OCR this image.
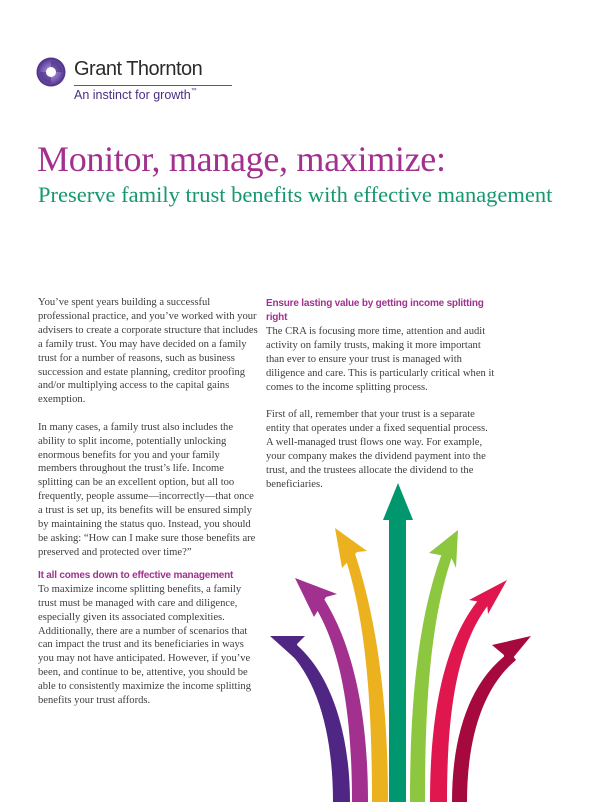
Grant Thornton
An instinct for growth™
Monitor, manage, maximize:
Preserve family trust benefits with effective management

You’ve spent years building a successful professional practice, and you’ve worked with your advisers to create a corporate structure that includes a family trust. You may have decided on a family trust for a number of reasons, such as business succession and estate planning, creditor proofing and/or multiplying access to the capital gains exemption.

In many cases, a family trust also includes the ability to split income, potentially unlocking enormous benefits for you and your family members throughout the trust’s life. Income splitting can be an excellent option, but all too frequently, people assume—incorrectly—that once a trust is set up, its benefits will be ensured simply by maintaining the status quo. Instead, you should be asking: “How can I make sure those benefits are preserved and protected over time?”

It all comes down to effective management

To maximize income splitting benefits, a family trust must be managed with care and diligence, especially given its associated complexities. Additionally, there are a number of scenarios that can impact the trust and its beneficiaries in ways you may not have anticipated. However, if you’ve been, and continue to be, attentive, you should be able to consistently maximize the income splitting benefits your trust affords.

Ensure lasting value by getting income splitting right

The CRA is focusing more time, attention and audit activity on family trusts, making it more important than ever to ensure your trust is managed with diligence and care. This is particularly critical when it comes to the income splitting process.

First of all, remember that your trust is a separate entity that operates under a fixed sequential process. A well-managed trust flows one way. For example, your company makes the dividend payment into the trust, and the trustees allocate the dividend to the beneficiaries.
